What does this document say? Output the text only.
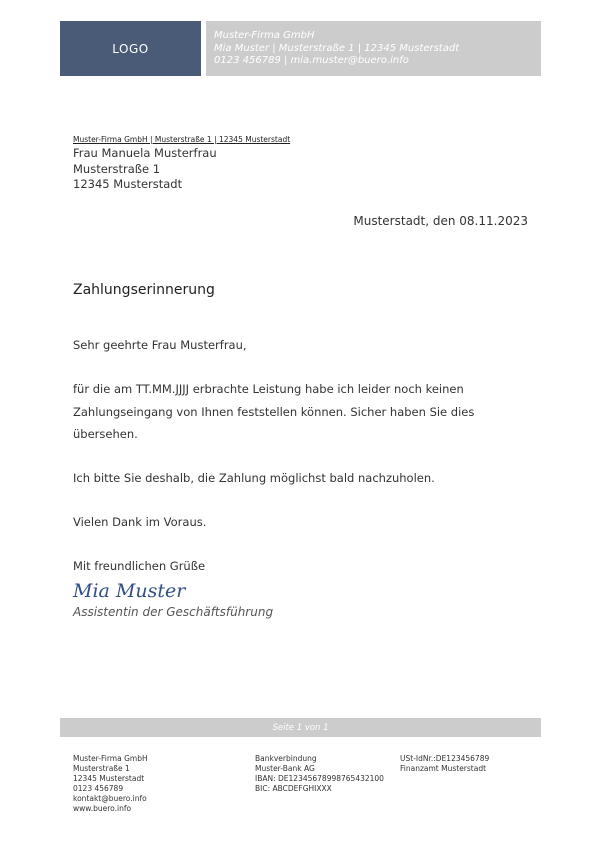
LOGO
Muster-Firma GmbH
Mia Muster | Musterstraße 1 | 12345 Musterstadt
0123 456789 | mia.muster@buero.info
Muster-Firma GmbH | Musterstraße 1 | 12345 Musterstadt
Frau Manuela Musterfrau
Musterstraße 1
12345 Musterstadt
Musterstadt, den 08.11.2023
Zahlungserinnerung
Sehr geehrte Frau Musterfrau,
für die am TT.MM.JJJJ erbrachte Leistung habe ich leider noch keinen
Zahlungseingang von Ihnen feststellen können. Sicher haben Sie dies
übersehen.
Ich bitte Sie deshalb, die Zahlung möglichst bald nachzuholen.
Vielen Dank im Voraus.
Mit freundlichen Grüße
Mia Muster
Assistentin der Geschäftsführung
Seite 1 von 1
Muster-Firma GmbH
Musterstraße 1
12345 Musterstadt
0123 456789
kontakt@buero.info
www.buero.info
Bankverbindung
Muster-Bank AG
IBAN: DE12345678998765432100
BIC: ABCDEFGHIXXX
USt-IdNr.:DE123456789
Finanzamt Musterstadt
